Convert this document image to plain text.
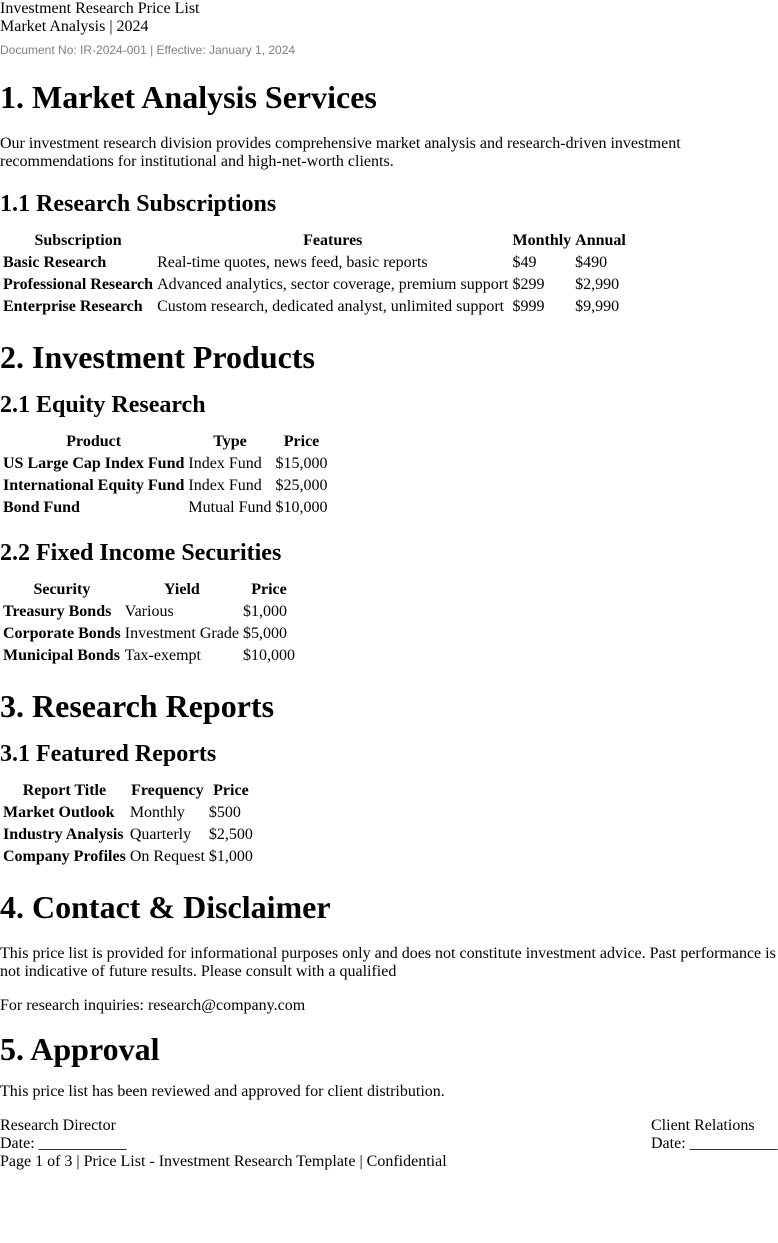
Investment Research Price List
Market Analysis | 2024
Document No: IR-2024-001 | Effective: January 1, 2024
1. Market Analysis Services

Our investment research division provides comprehensive market analysis and research-driven investment recommendations for institutional and high-net-worth clients.

1.1 Research Subscriptions
Subscription	Features	Monthly	Annual
Basic Research	Real-time quotes, news feed, basic reports	$49	$490
Professional Research	Advanced analytics, sector coverage, premium support	$299	$2,990
Enterprise Research	Custom research, dedicated analyst, unlimited support	$999	$9,990
2. Investment Products
2.1 Equity Research
Product	Type	Price
US Large Cap Index Fund	Index Fund	$15,000
International Equity Fund	Index Fund	$25,000
Bond Fund	Mutual Fund	$10,000
2.2 Fixed Income Securities
Security	Yield	Price
Treasury Bonds	Various	$1,000
Corporate Bonds	Investment Grade	$5,000
Municipal Bonds	Tax-exempt	$10,000
3. Research Reports
3.1 Featured Reports
Report Title	Frequency	Price
Market Outlook	Monthly	$500
Industry Analysis	Quarterly	$2,500
Company Profiles	On Request	$1,000
4. Contact & Disclaimer

This price list is provided for informational purposes only and does not constitute investment advice. Past performance is not indicative of future results. Please consult with a qualified

For research inquiries: research@company.com

5. Approval

This price list has been reviewed and approved for client distribution.

Research Director
Date: ___________
Client Relations
Date: ___________
Page 1 of 3 | Price List - Investment Research Template | Confidential
